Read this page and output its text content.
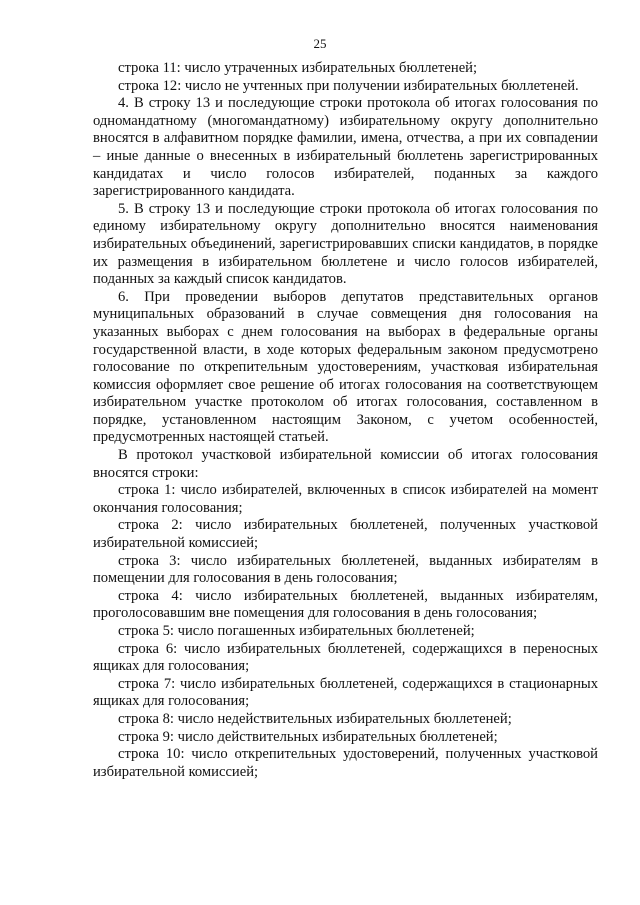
25

строка 11: число утраченных избирательных бюллетеней;

строка 12: число не учтенных при получении избирательных бюллетеней.

4. В строку 13 и последующие строки протокола об итогах голосования по одномандатному (многомандатному) избирательному округу дополнительно вносятся в алфавитном порядке фамилии, имена, отчества, а при их совпадении – иные данные о внесенных в избирательный бюллетень зарегистрированных кандидатах и число голосов избирателей, поданных за каждого зарегистрированного кандидата.

5. В строку 13 и последующие строки протокола об итогах голосования по единому избирательному округу дополнительно вносятся наименования избирательных объединений, зарегистрировавших списки кандидатов, в порядке их размещения в избирательном бюллетене и число голосов избирателей, поданных за каждый список кандидатов.

6. При проведении выборов депутатов представительных органов муниципальных образований в случае совмещения дня голосования на указанных выборах с днем голосования на выборах в федеральные органы государственной власти, в ходе которых федеральным законом предусмотрено голосование по открепительным удостоверениям, участковая избирательная комиссия оформляет свое решение об итогах голосования на соответствующем избирательном участке протоколом об итогах голосования, составленном в порядке, установленном настоящим Законом, с учетом особенностей, предусмотренных настоящей статьей.

В протокол участковой избирательной комиссии об итогах голосования вносятся строки:

строка 1: число избирателей, включенных в список избирателей на момент окончания голосования;

строка 2: число избирательных бюллетеней, полученных участковой избирательной комиссией;

строка 3: число избирательных бюллетеней, выданных избирателям в помещении для голосования в день голосования;

строка 4: число избирательных бюллетеней, выданных избирателям, проголосовавшим вне помещения для голосования в день голосования;

строка 5: число погашенных избирательных бюллетеней;

строка 6: число избирательных бюллетеней, содержащихся в переносных ящиках для голосования;

строка 7: число избирательных бюллетеней, содержащихся в стационарных ящиках для голосования;

строка 8: число недействительных избирательных бюллетеней;

строка 9: число действительных избирательных бюллетеней;

строка 10: число открепительных удостоверений, полученных участковой избирательной комиссией;
